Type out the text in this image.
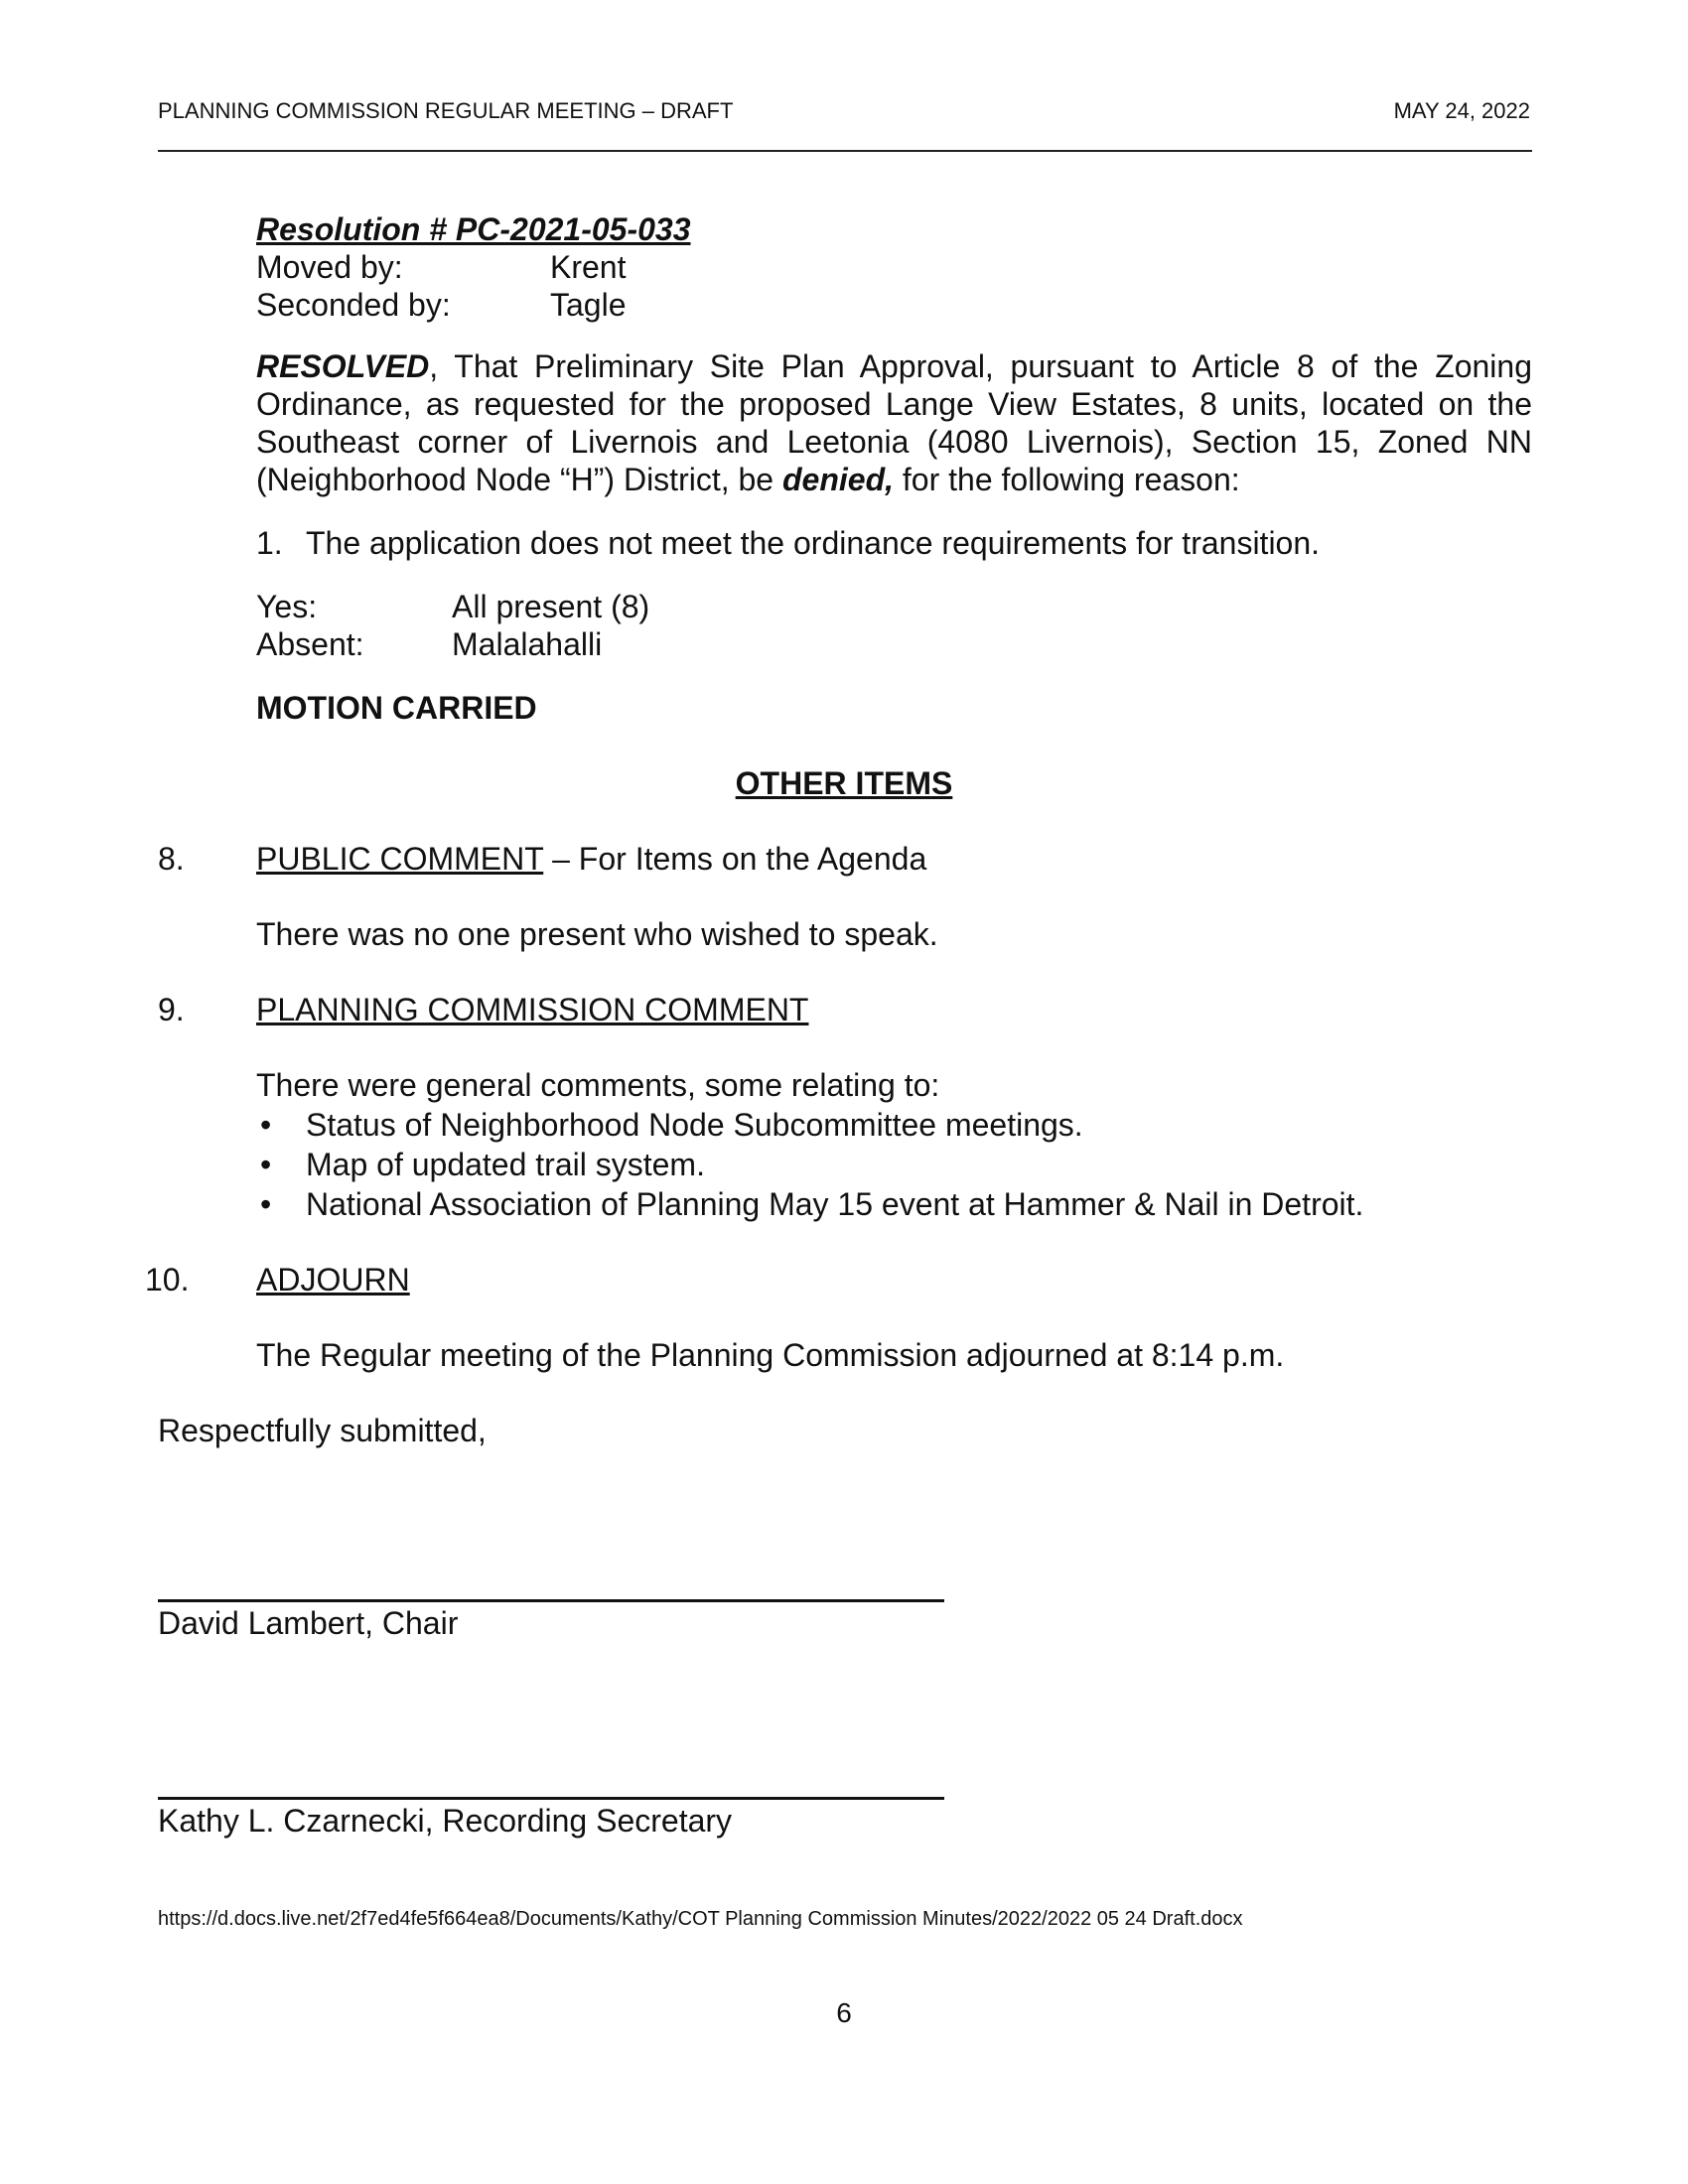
PLANNING COMMISSION REGULAR MEETING – DRAFT	MAY 24, 2022
Resolution # PC-2021-05-033
Moved by:	Krent
Seconded by:	Tagle
RESOLVED, That Preliminary Site Plan Approval, pursuant to Article 8 of the Zoning Ordinance, as requested for the proposed Lange View Estates, 8 units, located on the Southeast corner of Livernois and Leetonia (4080 Livernois), Section 15, Zoned NN (Neighborhood Node “H”) District, be denied, for the following reason:
1. The application does not meet the ordinance requirements for transition.
Yes:	All present (8)
Absent:	Malalahalli
MOTION CARRIED
OTHER ITEMS
8. PUBLIC COMMENT – For Items on the Agenda
There was no one present who wished to speak.
9. PLANNING COMMISSION COMMENT
There were general comments, some relating to:
• Status of Neighborhood Node Subcommittee meetings.
• Map of updated trail system.
• National Association of Planning May 15 event at Hammer & Nail in Detroit.
10. ADJOURN
The Regular meeting of the Planning Commission adjourned at 8:14 p.m.
Respectfully submitted,
David Lambert, Chair
Kathy L. Czarnecki, Recording Secretary
https://d.docs.live.net/2f7ed4fe5f664ea8/Documents/Kathy/COT Planning Commission Minutes/2022/2022 05 24 Draft.docx
6
